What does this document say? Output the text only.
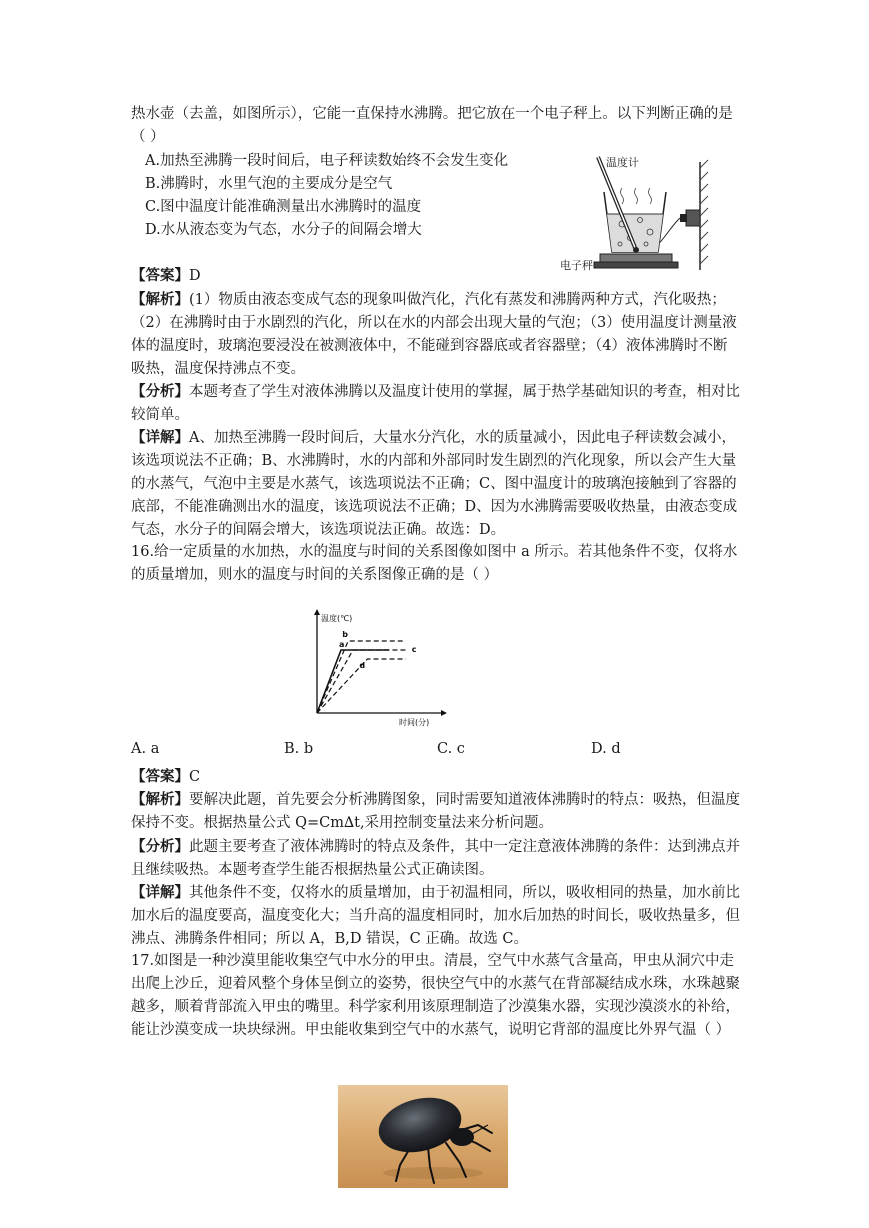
热水壶（去盖，如图所示），它能一直保持水沸腾。把它放在一个电子秤上。以下判断正确的是（ ）

A.加热至沸腾一段时间后，电子秤读数始终不会发生变化

B.沸腾时，水里气泡的主要成分是空气

C.图中温度计能准确测量出水沸腾时的温度

D.水从液态变为气态，水分子的间隔会增大

温度计
电子秤

【答案】D

【解析】(1）物质由液态变成气态的现象叫做汽化，汽化有蒸发和沸腾两种方式，汽化吸热；（2）在沸腾时由于水剧烈的汽化，所以在水的内部会出现大量的气泡；（3）使用温度计测量液体的温度时，玻璃泡要浸没在被测液体中，不能碰到容器底或者容器壁；（4）液体沸腾时不断吸热，温度保持沸点不变。

【分析】本题考查了学生对液体沸腾以及温度计使用的掌握，属于热学基础知识的考查，相对比较简单。

【详解】A、加热至沸腾一段时间后，大量水分汽化，水的质量减小，因此电子秤读数会减小，该选项说法不正确；B、水沸腾时，水的内部和外部同时发生剧烈的汽化现象，所以会产生大量的水蒸气，气泡中主要是水蒸气，该选项说法不正确；C、图中温度计的玻璃泡接触到了容器的底部，不能准确测出水的温度，该选项说法不正确；D、因为水沸腾需要吸收热量，由液态变成气态，水分子的间隔会增大，该选项说法正确。故选：D。

16.给一定质量的水加热，水的温度与时间的关系图像如图中 a 所示。若其他条件不变，仅将水的质量增加，则水的温度与时间的关系图像正确的是（ ）

温度(℃)
时间(分)
a
b
c
d
A. a	B. b	C. c	D. d

【答案】C

【解析】要解决此题，首先要会分析沸腾图象，同时需要知道液体沸腾时的特点：吸热，但温度保持不变。根据热量公式 Q=Cm∆t,采用控制变量法来分析问题。

【分析】此题主要考查了液体沸腾时的特点及条件，其中一定注意液体沸腾的条件：达到沸点并且继续吸热。本题考查学生能否根据热量公式正确读图。

【详解】其他条件不变，仅将水的质量增加，由于初温相同，所以，吸收相同的热量，加水前比加水后的温度要高，温度变化大；当升高的温度相同时，加水后加热的时间长，吸收热量多，但沸点、沸腾条件相同；所以 A，B,D 错误，C 正确。故选 C。

17.如图是一种沙漠里能收集空气中水分的甲虫。清晨，空气中水蒸气含量高，甲虫从洞穴中走出爬上沙丘，迎着风整个身体呈倒立的姿势，很快空气中的水蒸气在背部凝结成水珠，水珠越聚越多，顺着背部流入甲虫的嘴里。科学家利用该原理制造了沙漠集水器，实现沙漠淡水的补给，能让沙漠变成一块块绿洲。甲虫能收集到空气中的水蒸气，说明它背部的温度比外界气温（ ）
